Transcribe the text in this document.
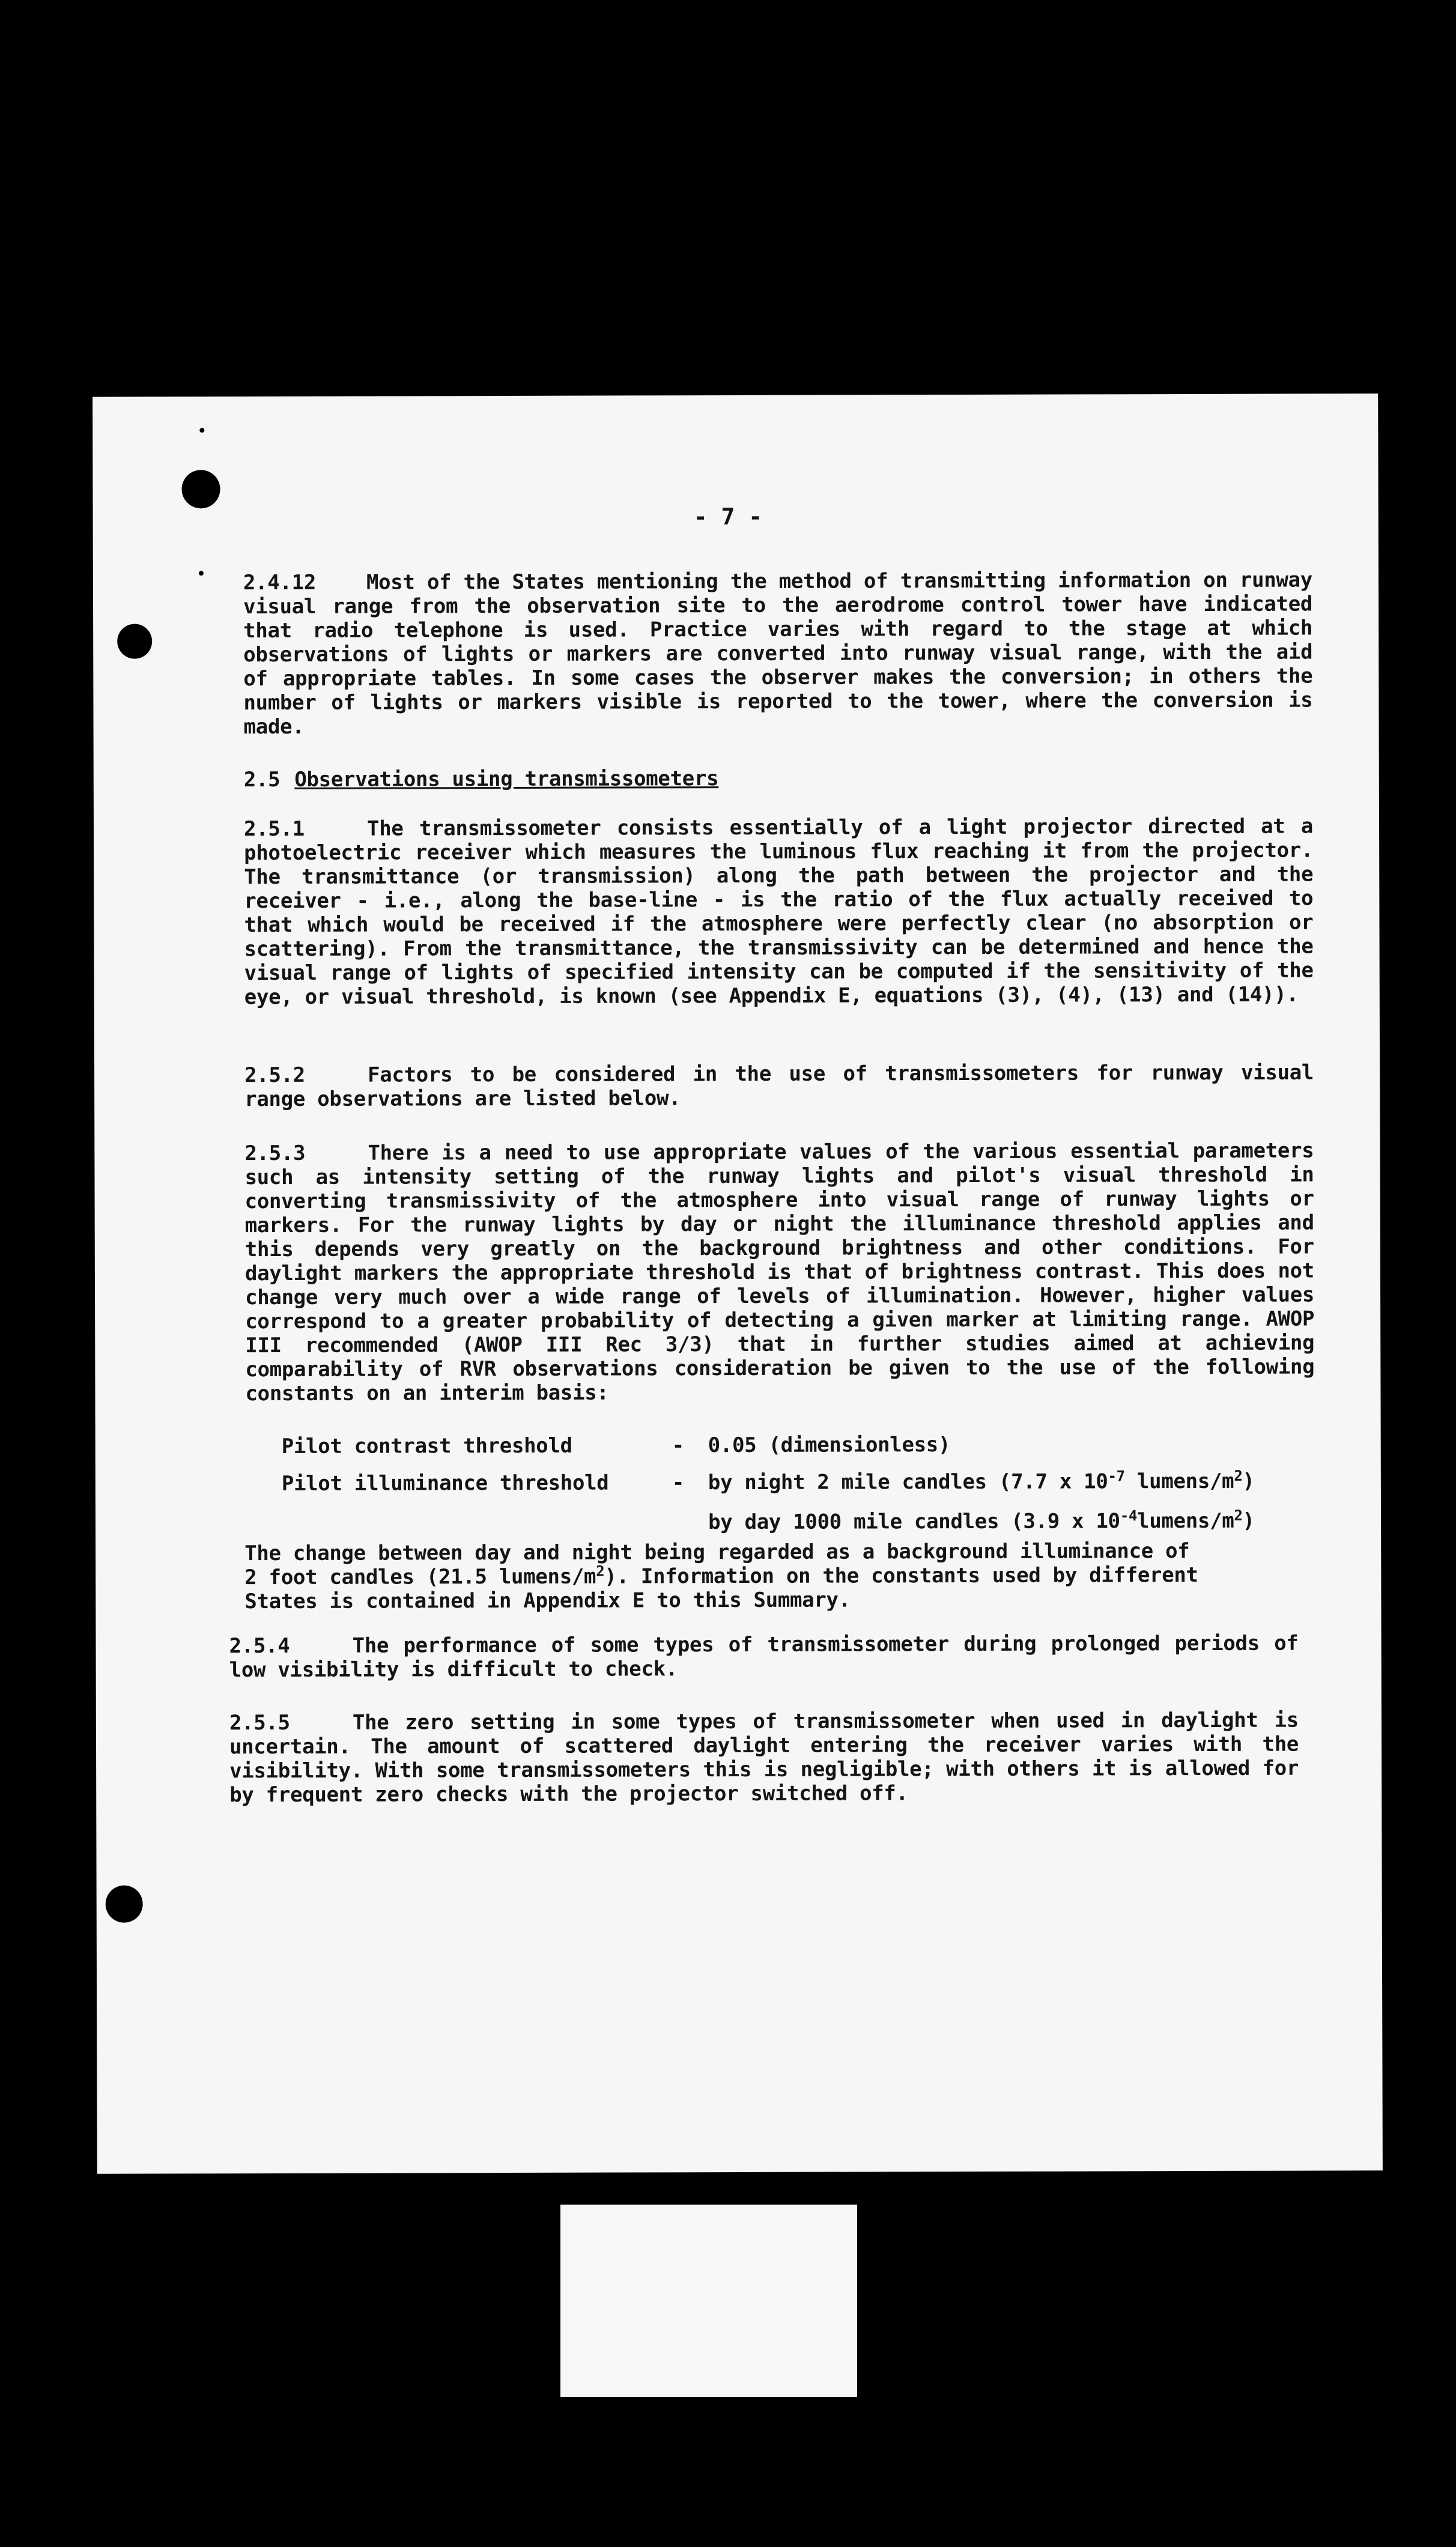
- 7 -

2.4.12 Most of the States mentioning the method of transmitting information on runway visual range from the observation site to the aerodrome control tower have indicated that radio telephone is used. Practice varies with regard to the stage at which observations of lights or markers are converted into runway visual range, with the aid of appropriate tables. In some cases the observer makes the conversion; in others the number of lights or markers visible is reported to the tower, where the conversion is made.

2.5 Observations using transmissometers

2.5.1	The transmissometer consists essentially of a light projector directed at a photoelectric receiver which measures the luminous flux reaching it from the projector. The transmittance (or transmission) along the path between the projector and the receiver - i.e., along the base-line - is the ratio of the flux actually received to that which would be received if the atmosphere were perfectly clear (no absorption or scattering). From the transmittance, the transmissivity can be determined and hence the visual range of lights of specified intensity can be computed if the sensitivity of the eye, or visual threshold, is known (see Appendix E, equations (3), (4), (13) and (14)).

2.5.2	Factors to be considered in the use of transmissometers for runway visual range observations are listed below.

2.5.3	There is a need to use appropriate values of the various essential parameters such as intensity setting of the runway lights and pilot's visual threshold in converting transmissivity of the atmosphere into visual range of runway lights or markers. For the runway lights by day or night the illuminance threshold applies and this depends very greatly on the background brightness and other conditions. For daylight markers the appropriate threshold is that of brightness contrast. This does not change very much over a wide range of levels of illumination. However, higher values correspond to a greater probability of detecting a given marker at limiting range. AWOP III recommended (AWOP III Rec 3/3) that in further studies aimed at achieving comparability of RVR observations consideration be given to the use of the following constants on an interim basis:

Pilot contrast threshold	- 0.05 (dimensionless)
Pilot illuminance threshold	- by night 2 mile candles (7.7 x $10^{-7}$ lumens/$m^2$)
by day 1000 mile candles (3.9 x $10^{-4}lumens/m^2$)
The change between day and night being regarded as a background illuminance of
2 foot candles (21.5 lumens/$m^2$). Information on the constants used by different
States is contained in Appendix E to this Summary.

2.5.4	The performance of some types of transmissometer during prolonged periods of low visibility is difficult to check.

2.5.5	The zero setting in some types of transmissometer when used in daylight is uncertain. The amount of scattered daylight entering the receiver varies with the visibility. With some transmissometers this is negligible; with others it is allowed for by frequent zero checks with the projector switched off.
